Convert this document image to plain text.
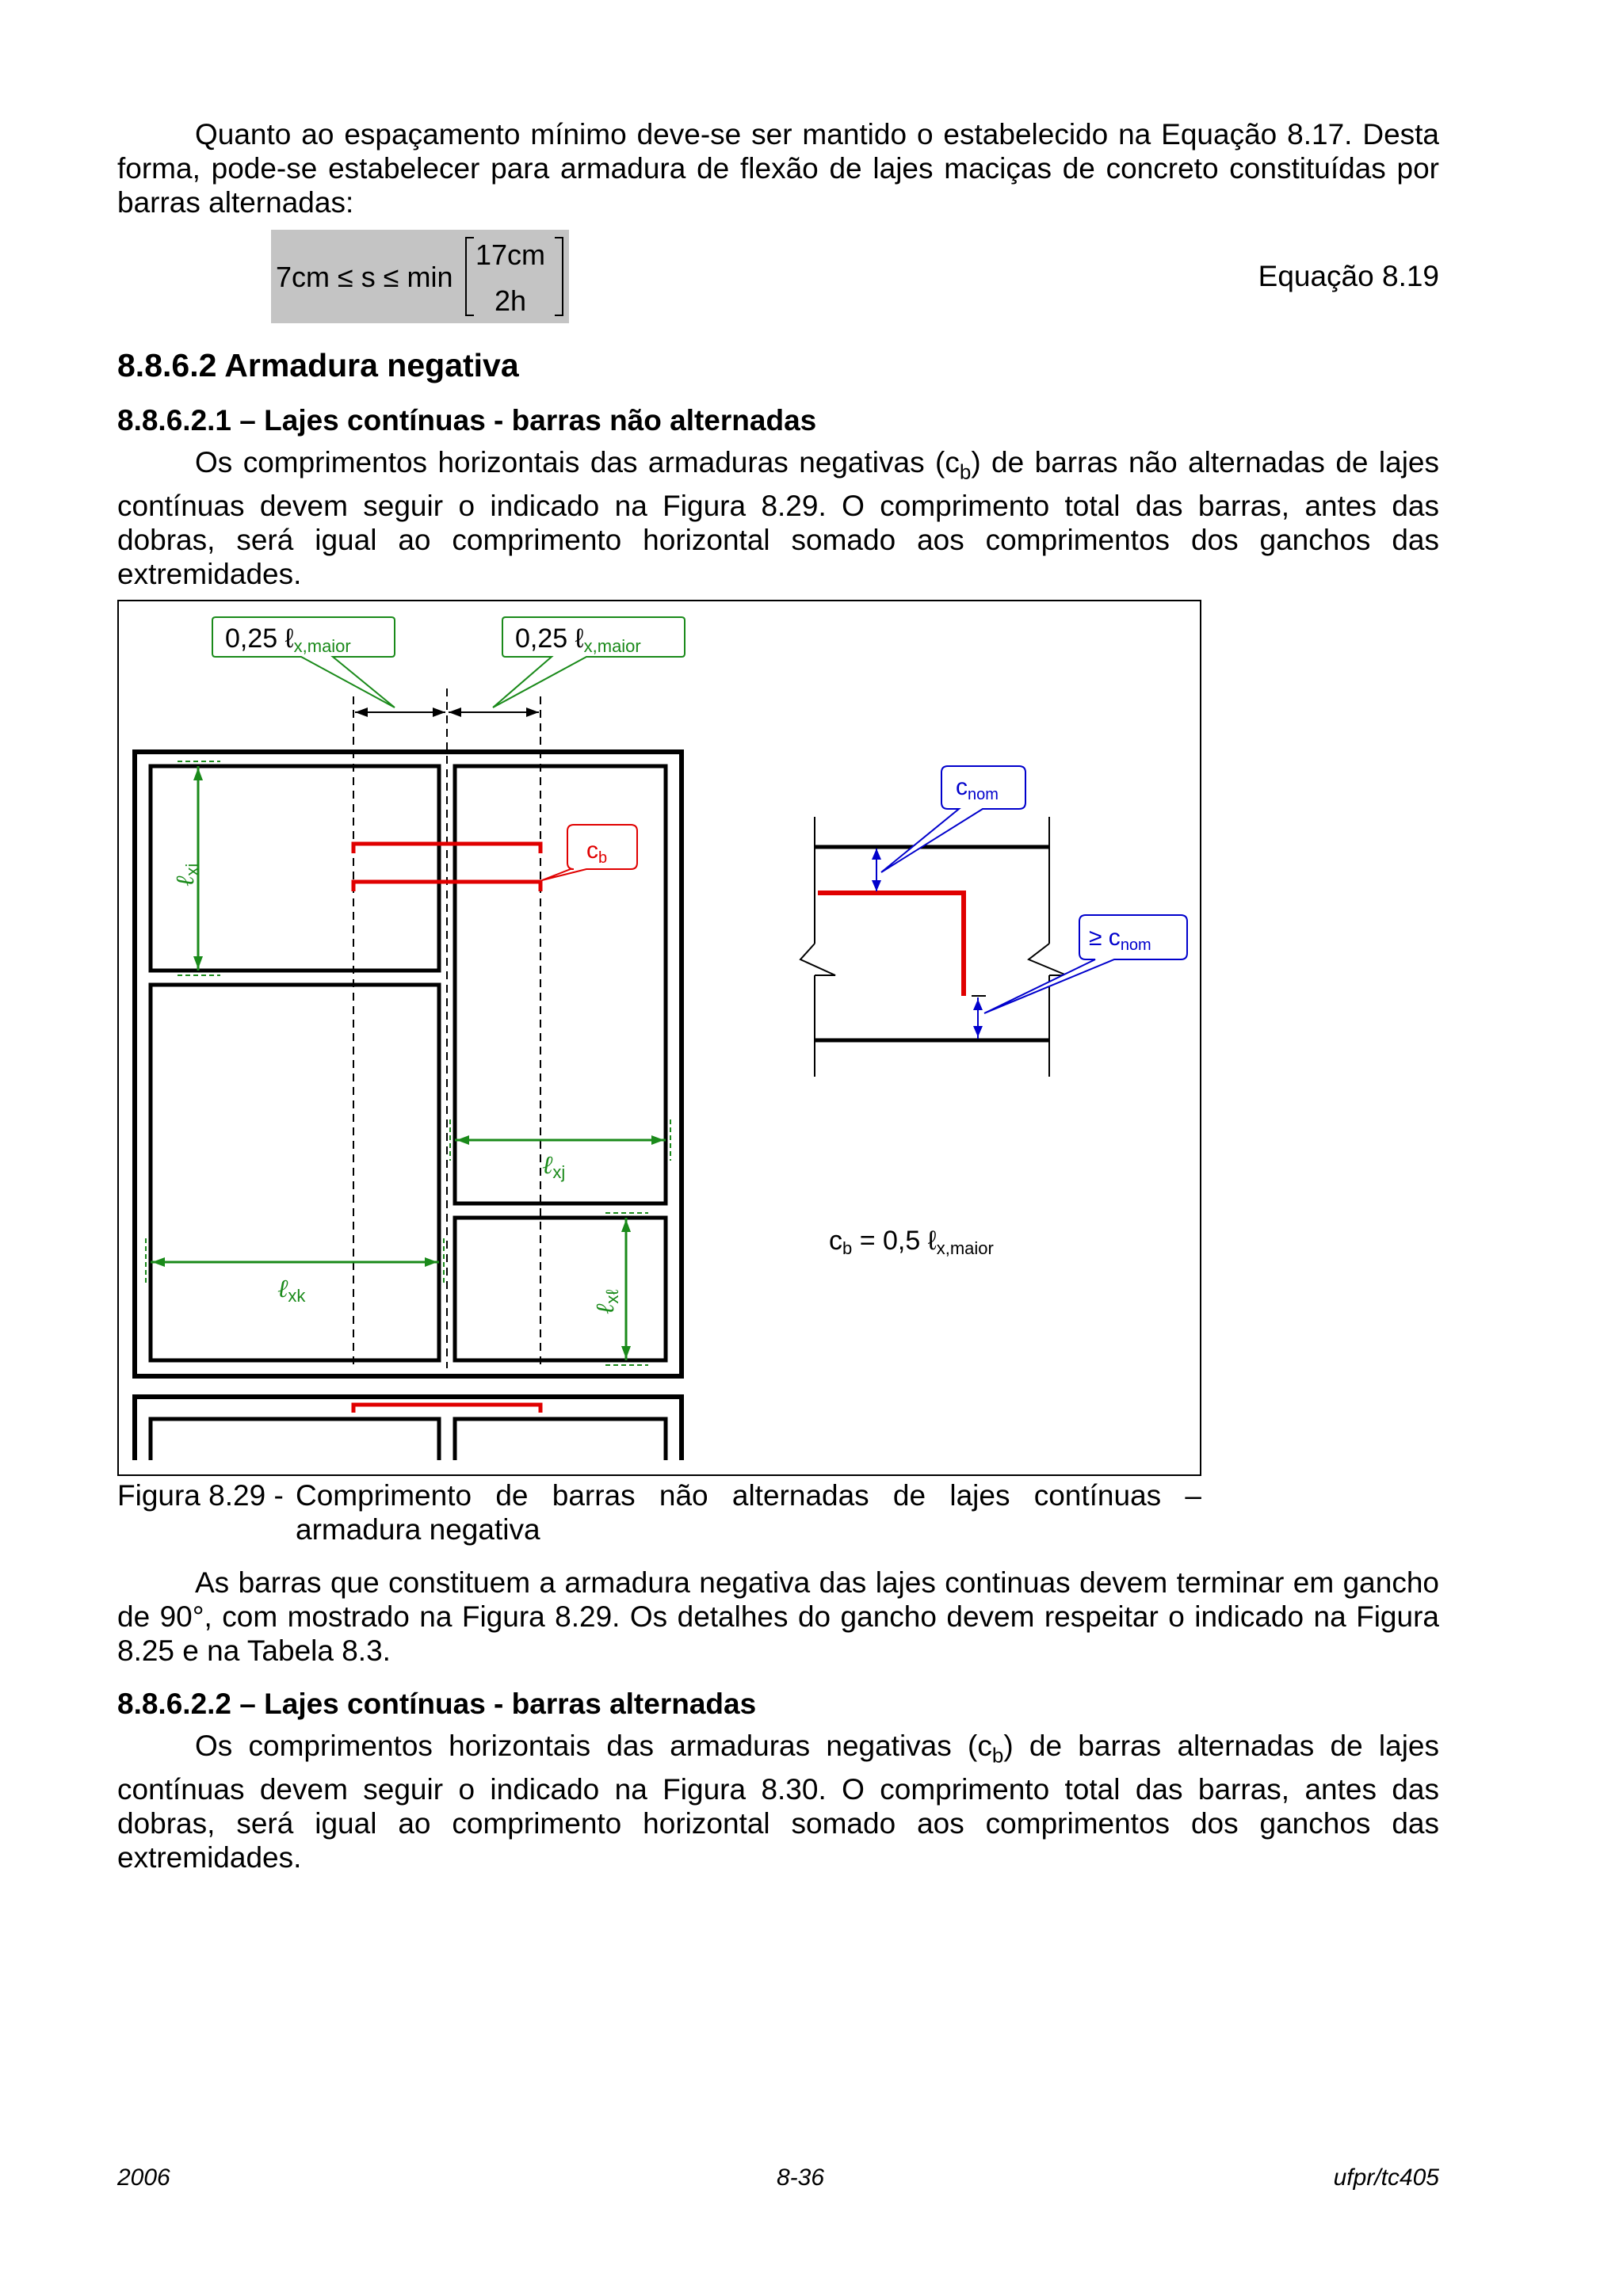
Quanto ao espaçamento mínimo deve-se ser mantido o estabelecido na Equação 8.17. Desta forma, pode-se estabelecer para armadura de flexão de lajes maciças de concreto constituídas por barras alternadas:

7cm ≤ s ≤ min
17cm
2h
Equação 8.19
8.8.6.2 Armadura negativa
8.8.6.2.1 – Lajes contínuas - barras não alternadas

Os comprimentos horizontais das armaduras negativas $(c_b)$ de barras não alternadas de lajes contínuas devem seguir o indicado na Figura 8.29. O comprimento total das barras, antes das dobras, será igual ao comprimento horizontal somado aos comprimentos dos ganchos das extremidades.

0,25 ℓx,maior	0,25 ℓx,maior
$c_b$
ℓxi
ℓxj
ℓxk
ℓxℓ
$c_{nom}$
≥ $c_{nom}$
cb = 0,5 ℓx,maior
Figura 8.29 - Comprimento de barras não alternadas de lajes contínuas – armadura negativa

As barras que constituem a armadura negativa das lajes continuas devem terminar em gancho de 90°, com mostrado na Figura 8.29. Os detalhes do gancho devem respeitar o indicado na Figura 8.25 e na Tabela 8.3.

8.8.6.2.2 – Lajes contínuas - barras alternadas

Os comprimentos horizontais das armaduras negativas $(c_b)$ de barras alternadas de lajes contínuas devem seguir o indicado na Figura 8.30. O comprimento total das barras, antes das dobras, será igual ao comprimento horizontal somado aos comprimentos dos ganchos das extremidades.

2006	8-36	ufpr/tc405
